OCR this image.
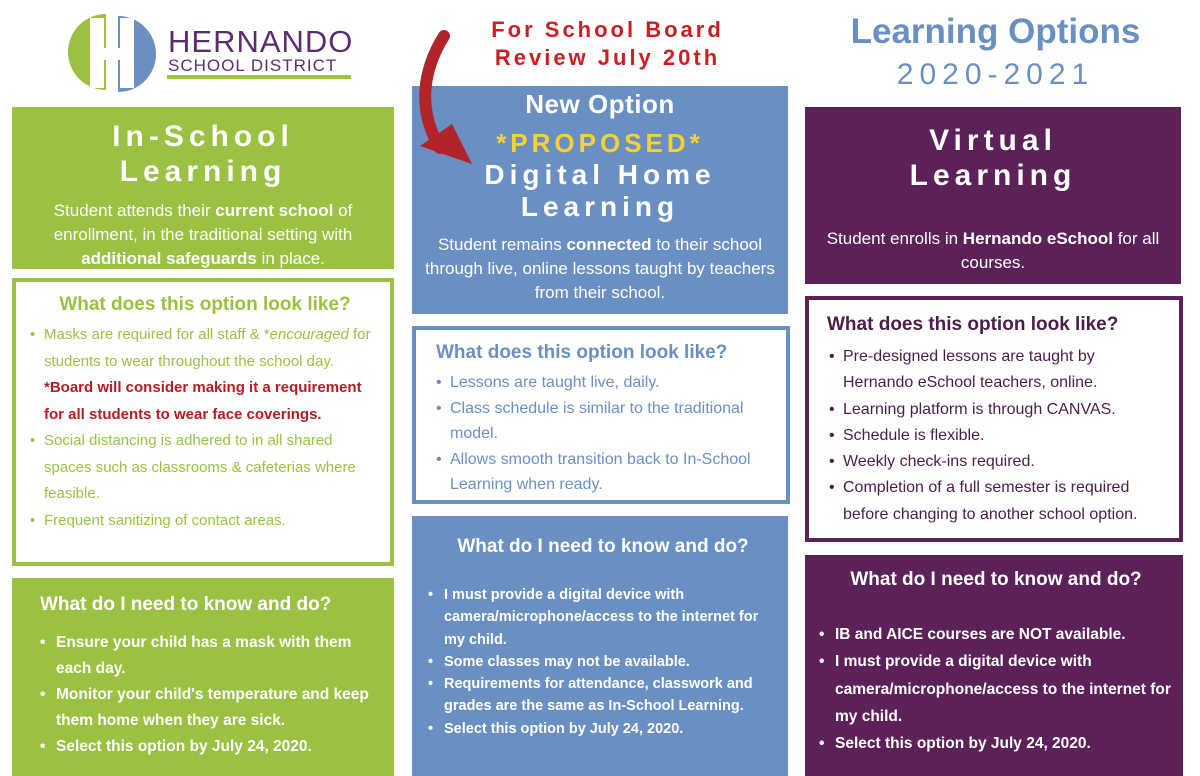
HERNANDO
SCHOOL DISTRICT
For School Board
Review July 20th
Learning Options
2020-2021
In-School
Learning
Student attends their current school of enrollment, in the traditional setting with additional safeguards in place.
What does this option look like?
• Masks are required for all staff & *encouraged for students to wear throughout the school day. *Board will consider making it a requirement for all students to wear face coverings.
• Social distancing is adhered to in all shared spaces such as classrooms & cafeterias where feasible.
• Frequent sanitizing of contact areas.
What do I need to know and do?
• Ensure your child has a mask with them each day.
• Monitor your child's temperature and keep them home when they are sick.
• Select this option by July 24, 2020.
New Option
*PROPOSED*
Digital Home
Learning
Student remains connected to their school through live, online lessons taught by teachers from their school.
What does this option look like?
• Lessons are taught live, daily.
• Class schedule is similar to the traditional model.
• Allows smooth transition back to In-School Learning when ready.
What do I need to know and do?
• I must provide a digital device with camera/microphone/access to the internet for my child.
• Some classes may not be available.
• Requirements for attendance, classwork and grades are the same as In-School Learning.
• Select this option by July 24, 2020.
Virtual
Learning
Student enrolls in Hernando eSchool for all courses.
What does this option look like?
• Pre-designed lessons are taught by Hernando eSchool teachers, online.
• Learning platform is through CANVAS.
• Schedule is flexible.
• Weekly check-ins required.
• Completion of a full semester is required before changing to another school option.
What do I need to know and do?
• IB and AICE courses are NOT available.
• I must provide a digital device with camera/microphone/access to the internet for my child.
• Select this option by July 24, 2020.
